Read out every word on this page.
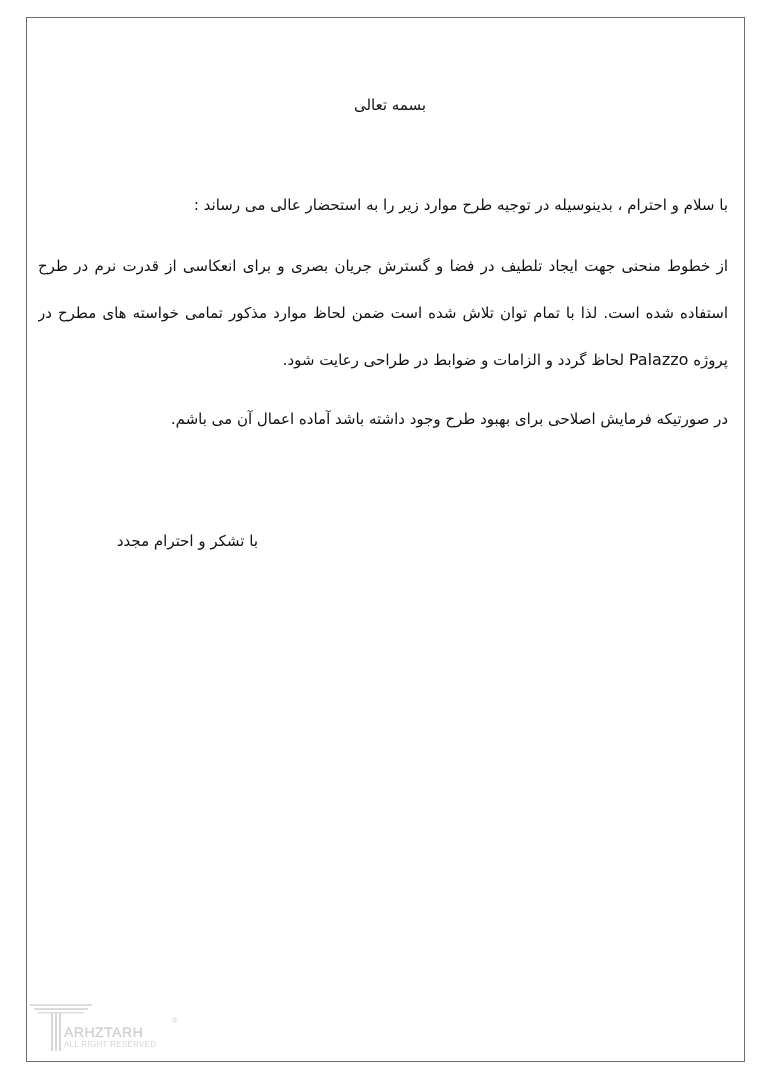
بسمه تعالی
با سلام و احترام ، بدینوسیله در توجیه طرح موارد زیر را به استحضار عالی می رساند :
از خطوط منحنی جهت ایجاد تلطیف در فضا و گسترش جریان بصری و برای انعکاسی از قدرت نرم در طرح
استفاده شده است. لذا با تمام توان تلاش شده است ضمن لحاظ موارد مذکور تمامی خواسته های مطرح در
پروژه Palazzo لحاظ گردد و الزامات و ضوابط در طراحی رعایت شود.
در صورتیکه فرمایش اصلاحی برای بهبود طرح وجود داشته باشد آماده اعمال آن می باشم.
با تشکر و احترام مجدد
ARHZTARH
ALL RIGHT RESERVED
®
